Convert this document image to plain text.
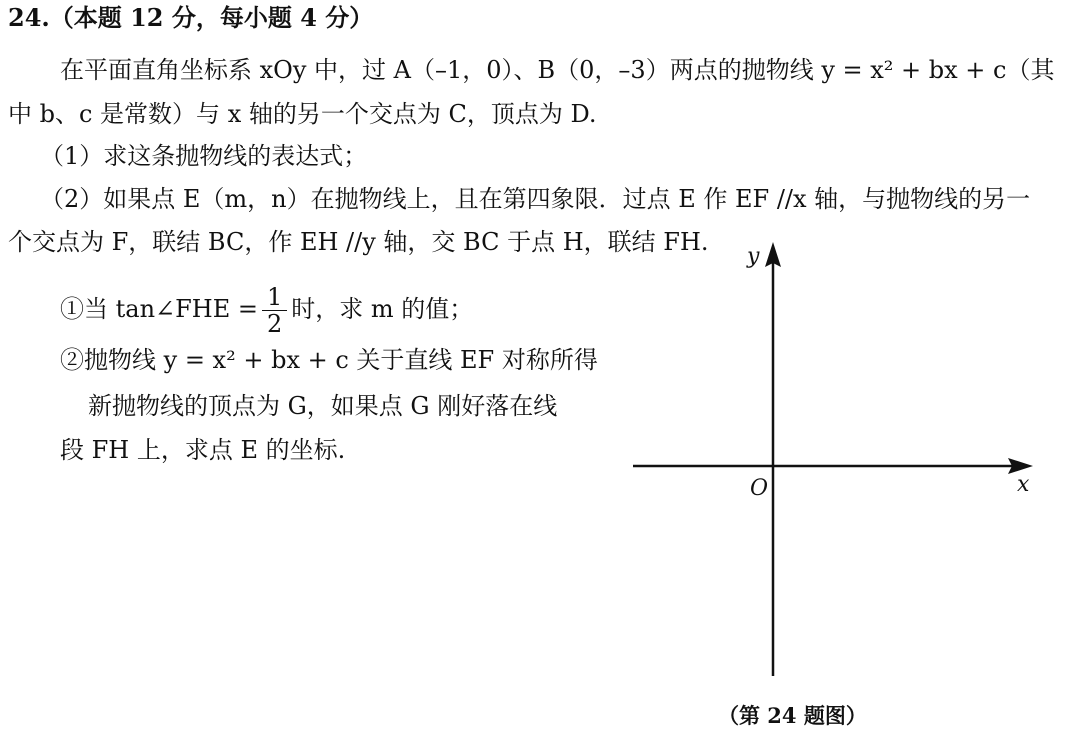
24.（本题 12 分，每小题 4 分）
在平面直角坐标系 xOy 中，过 A（–1，0）、B（0，–3）两点的抛物线 y = x² + bx + c（其
中 b、c 是常数）与 x 轴的另一个交点为 C，顶点为 D.
（1）求这条抛物线的表达式；
（2）如果点 E（m，n）在抛物线上，且在第四象限．过点 E 作 EF //x 轴，与抛物线的另一
个交点为 F，联结 BC，作 EH //y 轴，交 BC 于点 H，联结 FH.
①当 tan∠FHE = $\frac{1}{2}$ 时，求 m 的值；
②抛物线 y = x² + bx + c 关于直线 EF 对称所得
新抛物线的顶点为 G，如果点 G 刚好落在线
段 FH 上，求点 E 的坐标.
y
x
O
（第 24 题图）
